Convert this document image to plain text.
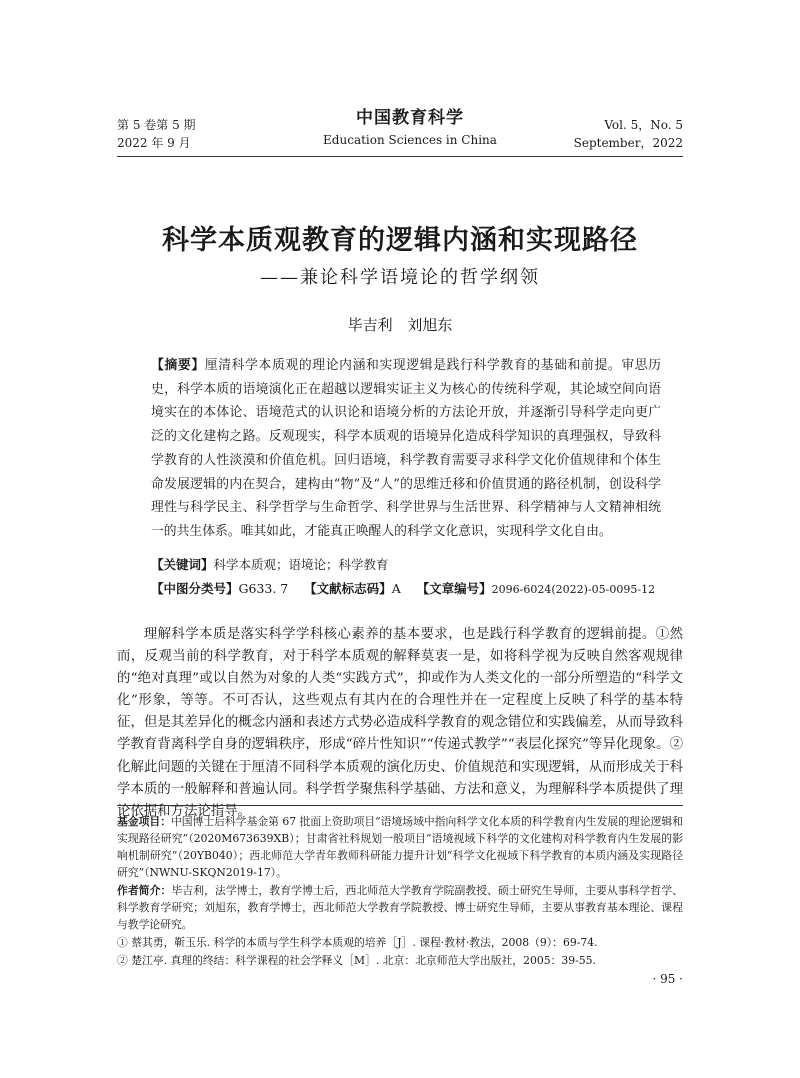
第 5 卷第 5 期
2022 年 9 月
中国教育科学
Education Sciences in China
Vol. 5，No. 5
September，2022
科学本质观教育的逻辑内涵和实现路径
——兼论科学语境论的哲学纲领
毕吉利 刘旭东
【摘要】厘清科学本质观的理论内涵和实现逻辑是践行科学教育的基础和前提。审思历史，科学本质的语境演化正在超越以逻辑实证主义为核心的传统科学观，其论域空间向语境实在的本体论、语境范式的认识论和语境分析的方法论开放，并逐渐引导科学走向更广泛的文化建构之路。反观现实，科学本质观的语境异化造成科学知识的真理强权，导致科学教育的人性淡漠和价值危机。回归语境，科学教育需要寻求科学文化价值规律和个体生命发展逻辑的内在契合，建构由“物”及“人”的思维迁移和价值贯通的路径机制，创设科学理性与科学民主、科学哲学与生命哲学、科学世界与生活世界、科学精神与人文精神相统一的共生体系。唯其如此，才能真正唤醒人的科学文化意识，实现科学文化自由。
【关键词】科学本质观；语境论；科学教育
【中图分类号】G633. 7 【文献标志码】A 【文章编号】2096-6024(2022)-05-0095-12
理解科学本质是落实科学学科核心素养的基本要求，也是践行科学教育的逻辑前提。①然而，反观当前的科学教育，对于科学本质观的解释莫衷一是，如将科学视为反映自然客观规律的“绝对真理”或以自然为对象的人类“实践方式”，抑或作为人类文化的一部分所塑造的“科学文化”形象，等等。不可否认，这些观点有其内在的合理性并在一定程度上反映了科学的基本特征，但是其差异化的概念内涵和表述方式势必造成科学教育的观念错位和实践偏差，从而导致科学教育背离科学自身的逻辑秩序，形成“碎片性知识”“传递式教学”“表层化探究”等异化现象。②化解此问题的关键在于厘清不同科学本质观的演化历史、价值规范和实现逻辑，从而形成关于科学本质的一般解释和普遍认同。科学哲学聚焦科学基础、方法和意义，为理解科学本质提供了理论依据和方法论指导。
基金项目：中国博士后科学基金第 67 批面上资助项目“语境场域中指向科学文化本质的科学教育内生发展的理论逻辑和实现路径研究”（2020M673639XB）；甘肃省社科规划一般项目“语境视域下科学的文化建构对科学教育内生发展的影响机制研究”（20YB040）；西北师范大学青年教师科研能力提升计划“科学文化视域下科学教育的本质内涵及实现路径研究”（NWNU-SKQN2019-17）。
作者简介：毕吉利，法学博士，教育学博士后，西北师范大学教育学院副教授、硕士研究生导师，主要从事科学哲学、科学教育学研究；刘旭东，教育学博士，西北师范大学教育学院教授、博士研究生导师，主要从事教育基本理论、课程与教学论研究。
① 蔡其勇，靳玉乐. 科学的本质与学生科学本质观的培养［J］. 课程·教材·教法，2008（9）：69-74.
② 楚江亭. 真理的终结：科学课程的社会学释义［M］. 北京：北京师范大学出版社，2005：39-55.
· 95 ·
